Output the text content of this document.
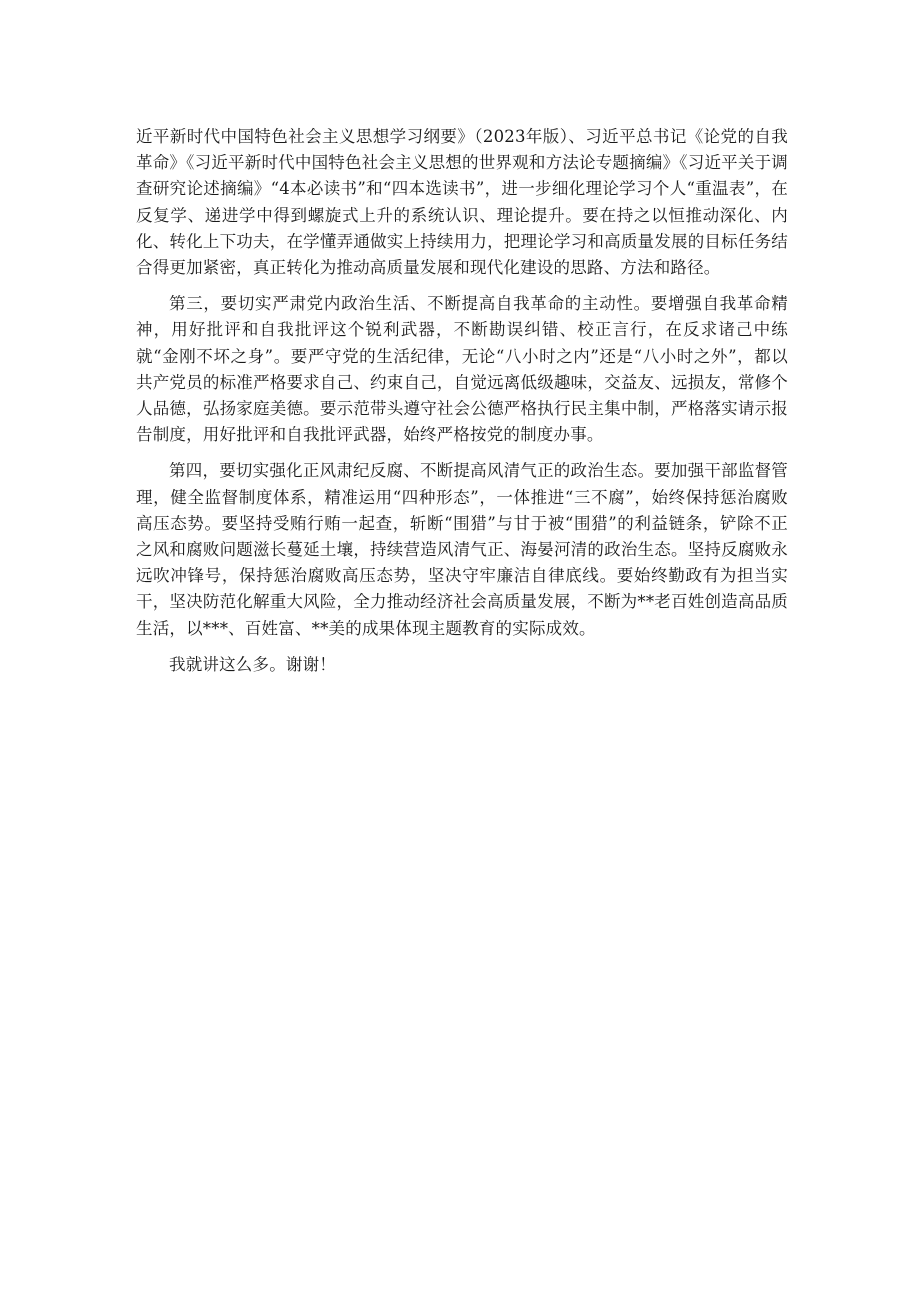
近平新时代中国特色社会主义思想学习纲要》（2023年版）、习近平总书记《论党的自我革命》《习近平新时代中国特色社会主义思想的世界观和方法论专题摘编》《习近平关于调查研究论述摘编》“4本必读书”和“四本选读书”，进一步细化理论学习个人“重温表”，在反复学、递进学中得到螺旋式上升的系统认识、理论提升。要在持之以恒推动深化、内化、转化上下功夫，在学懂弄通做实上持续用力，把理论学习和高质量发展的目标任务结合得更加紧密，真正转化为推动高质量发展和现代化建设的思路、方法和路径。

第三，要切实严肃党内政治生活、不断提高自我革命的主动性。要增强自我革命精神，用好批评和自我批评这个锐利武器，不断勘误纠错、校正言行，在反求诸己中练就“金刚不坏之身”。要严守党的生活纪律，无论“八小时之内”还是“八小时之外”，都以共产党员的标准严格要求自己、约束自己，自觉远离低级趣味，交益友、远损友，常修个人品德，弘扬家庭美德。要示范带头遵守社会公德严格执行民主集中制，严格落实请示报告制度，用好批评和自我批评武器，始终严格按党的制度办事。

第四，要切实强化正风肃纪反腐、不断提高风清气正的政治生态。要加强干部监督管理，健全监督制度体系，精准运用“四种形态”，一体推进“三不腐”，始终保持惩治腐败高压态势。要坚持受贿行贿一起查，斩断“围猎”与甘于被“围猎”的利益链条，铲除不正之风和腐败问题滋长蔓延土壤，持续营造风清气正、海晏河清的政治生态。坚持反腐败永远吹冲锋号，保持惩治腐败高压态势，坚决守牢廉洁自律底线。要始终勤政有为担当实干，坚决防范化解重大风险，全力推动经济社会高质量发展，不断为**老百姓创造高品质生活，以***、百姓富、**美的成果体现主题教育的实际成效。

我就讲这么多。谢谢！
